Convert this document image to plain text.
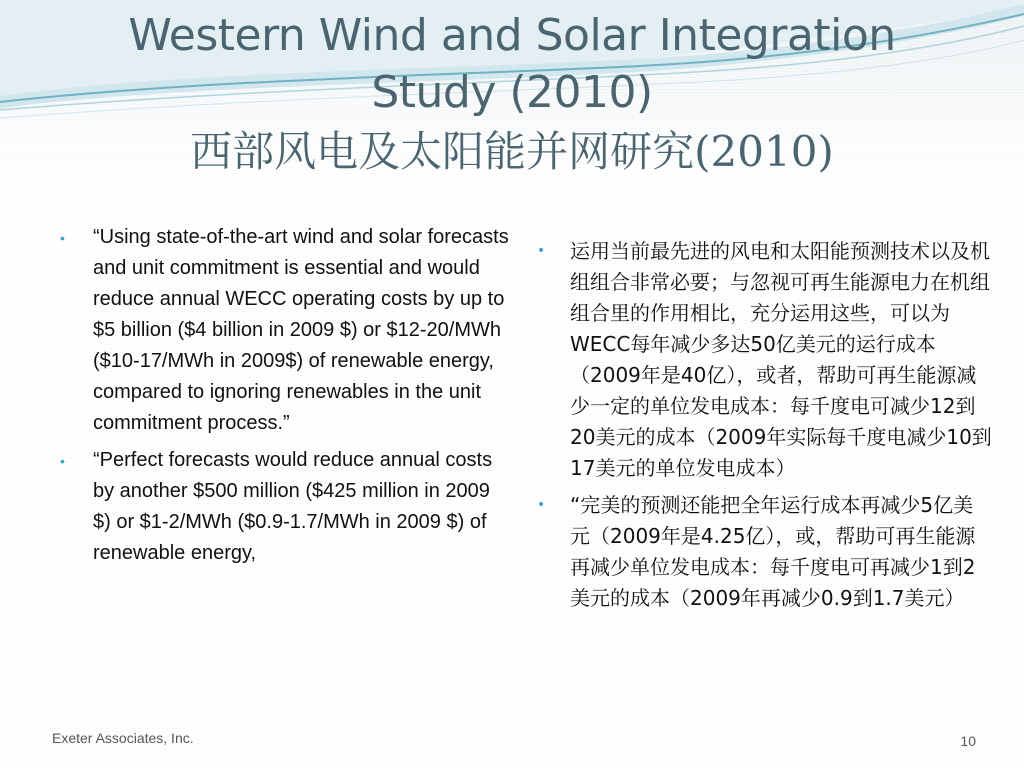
Western Wind and Solar Integration
Study (2010)
西部风电及太阳能并网研究(2010)
• “Using state-of-the-art wind and solar forecasts and unit commitment is essential and would reduce annual WECC operating costs by up to $5 billion ($4 billion in 2009 $) or $12-20/MWh ($10-17/MWh in 2009$) of renewable energy, compared to ignoring renewables in the unit commitment process.”
• “Perfect forecasts would reduce annual costs by another $500 million ($425 million in 2009 $) or $1-2/MWh ($0.9-1.7/MWh in 2009 $) of renewable energy,
• 运用当前最先进的风电和太阳能预测技术以及机组组合非常必要；与忽视可再生能源电力在机组组合里的作用相比，充分运用这些，可以为WECC每年减少多达50亿美元的运行成本（2009年是40亿），或者，帮助可再生能源减少一定的单位发电成本：每千度电可减少12到20美元的成本（2009年实际每千度电减少10到17美元的单位发电成本）
• “完美的预测还能把全年运行成本再减少5亿美元（2009年是4.25亿），或，帮助可再生能源再减少单位发电成本：每千度电可再减少1到2美元的成本（2009年再减少0.9到1.7美元）
Exeter Associates, Inc.	10
